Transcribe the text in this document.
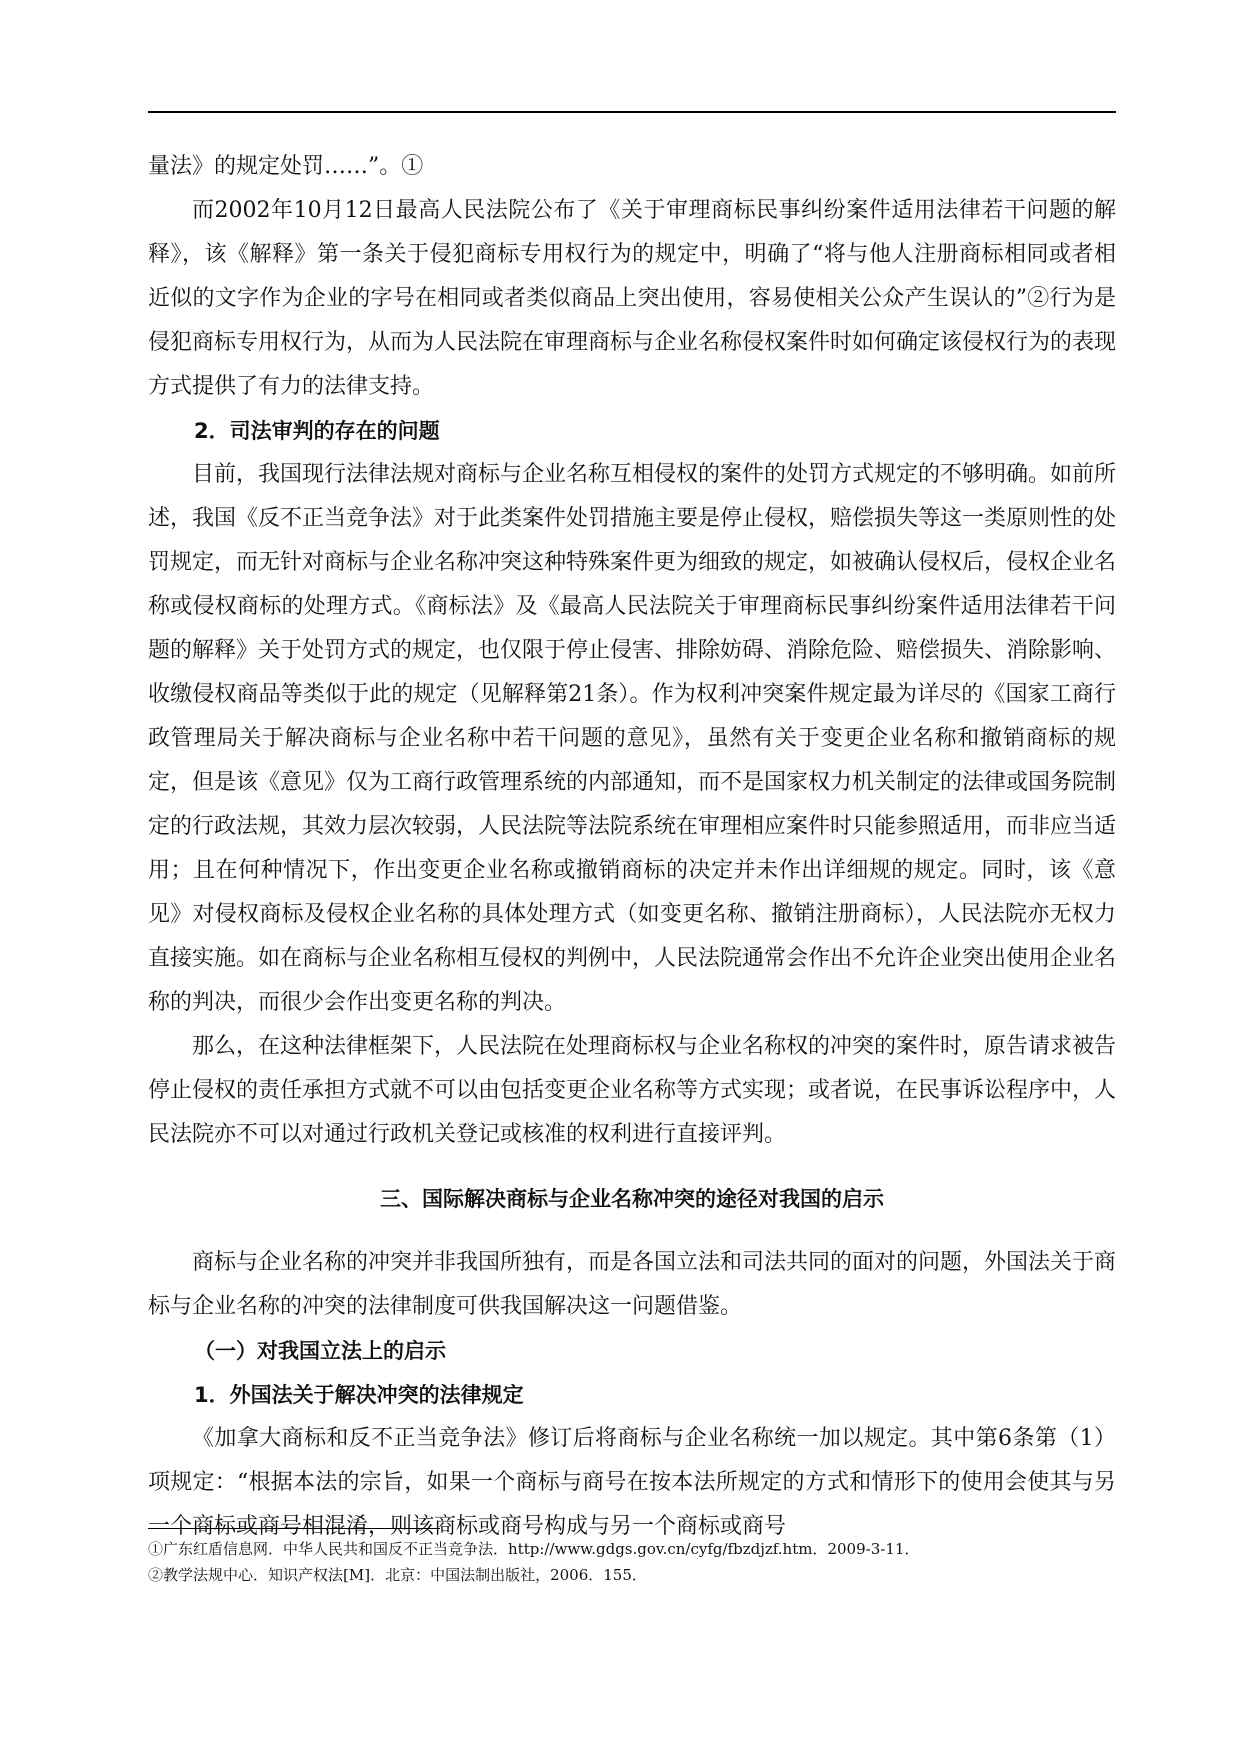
量法》的规定处罚……”。①

而2002年10月12日最高人民法院公布了《关于审理商标民事纠纷案件适用法律若干问题的解释》，该《解释》第一条关于侵犯商标专用权行为的规定中，明确了“将与他人注册商标相同或者相近似的文字作为企业的字号在相同或者类似商品上突出使用，容易使相关公众产生误认的”②行为是侵犯商标专用权行为，从而为人民法院在审理商标与企业名称侵权案件时如何确定该侵权行为的表现方式提供了有力的法律支持。

2．司法审判的存在的问题

目前，我国现行法律法规对商标与企业名称互相侵权的案件的处罚方式规定的不够明确。如前所述，我国《反不正当竞争法》对于此类案件处罚措施主要是停止侵权，赔偿损失等这一类原则性的处罚规定，而无针对商标与企业名称冲突这种特殊案件更为细致的规定，如被确认侵权后，侵权企业名称或侵权商标的处理方式。《商标法》及《最高人民法院关于审理商标民事纠纷案件适用法律若干问题的解释》关于处罚方式的规定，也仅限于停止侵害、排除妨碍、消除危险、赔偿损失、消除影响、收缴侵权商品等类似于此的规定（见解释第21条）。作为权利冲突案件规定最为详尽的《国家工商行政管理局关于解决商标与企业名称中若干问题的意见》，虽然有关于变更企业名称和撤销商标的规定，但是该《意见》仅为工商行政管理系统的内部通知，而不是国家权力机关制定的法律或国务院制定的行政法规，其效力层次较弱，人民法院等法院系统在审理相应案件时只能参照适用，而非应当适用；且在何种情况下，作出变更企业名称或撤销商标的决定并未作出详细规的规定。同时，该《意见》对侵权商标及侵权企业名称的具体处理方式（如变更名称、撤销注册商标），人民法院亦无权力直接实施。如在商标与企业名称相互侵权的判例中，人民法院通常会作出不允许企业突出使用企业名称的判决，而很少会作出变更名称的判决。

那么，在这种法律框架下，人民法院在处理商标权与企业名称权的冲突的案件时，原告请求被告停止侵权的责任承担方式就不可以由包括变更企业名称等方式实现；或者说，在民事诉讼程序中，人民法院亦不可以对通过行政机关登记或核准的权利进行直接评判。

三、国际解决商标与企业名称冲突的途径对我国的启示

商标与企业名称的冲突并非我国所独有，而是各国立法和司法共同的面对的问题，外国法关于商标与企业名称的冲突的法律制度可供我国解决这一问题借鉴。

（一）对我国立法上的启示

1．外国法关于解决冲突的法律规定

《加拿大商标和反不正当竞争法》修订后将商标与企业名称统一加以规定。其中第6条第（1）项规定：“根据本法的宗旨，如果一个商标与商号在按本法所规定的方式和情形下的使用会使其与另一个商标或商号相混淆，则该商标或商号构成与另一个商标或商号

①广东红盾信息网．中华人民共和国反不正当竞争法．http://www.gdgs.gov.cn/cyfg/fbzdjzf.htm．2009-3-11．
②教学法规中心．知识产权法[M]．北京：中国法制出版社，2006．155．
